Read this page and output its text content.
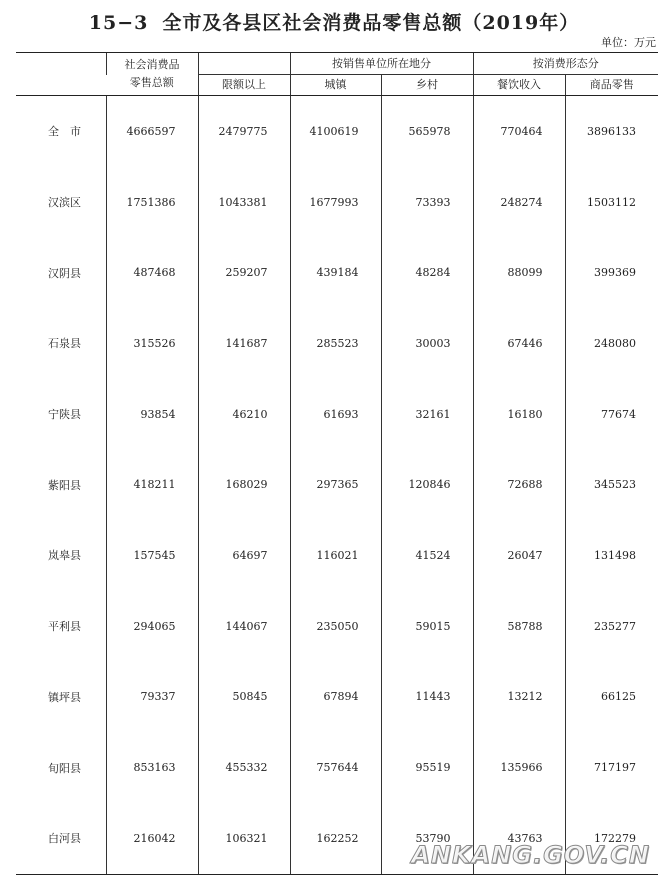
15−3 全市及各县区社会消费品零售总额（2019年）
单位：万元
	社会消费品		按销售单位所在地分		按消费形态分	
	零售总额	限额以上	城镇	乡村	餐饮收入	商品零售
全　市	4666597	2479775	4100619	565978	770464	3896133
汉滨区	1751386	1043381	1677993	73393	248274	1503112
汉阴县	487468	259207	439184	48284	88099	399369
石泉县	315526	141687	285523	30003	67446	248080
宁陕县	93854	46210	61693	32161	16180	77674
紫阳县	418211	168029	297365	120846	72688	345523
岚皋县	157545	64697	116021	41524	26047	131498
平利县	294065	144067	235050	59015	58788	235277
镇坪县	79337	50845	67894	11443	13212	66125
旬阳县	853163	455332	757644	95519	135966	717197
白河县	216042	106321	162252	53790	43763	172279
ANKANG.GOV.CN
